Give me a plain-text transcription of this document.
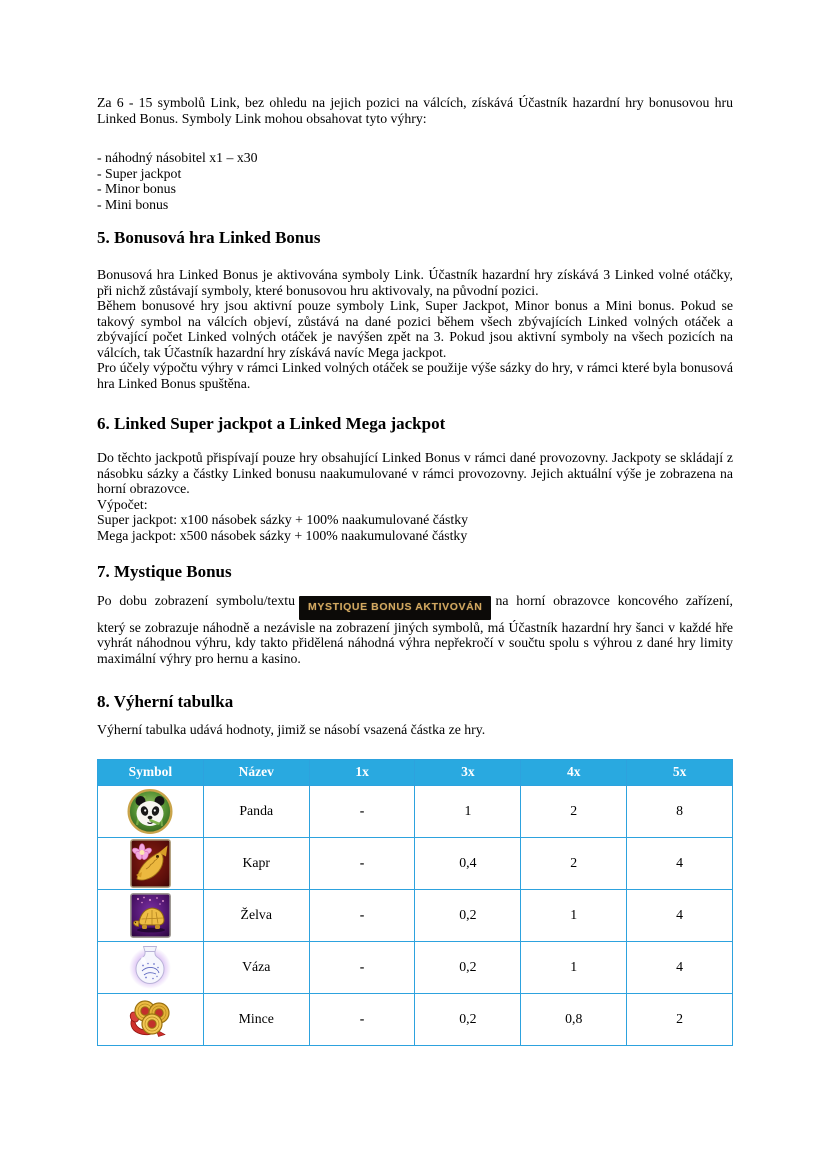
Za 6 - 15 symbolů Link, bez ohledu na jejich pozici na válcích, získává Účastník hazardní hry bonusovou hru Linked Bonus. Symboly Link mohou obsahovat tyto výhry:

- náhodný násobitel x1 – x30

- Super jackpot

- Minor bonus

- Mini bonus

5. Bonusová hra Linked Bonus

Bonusová hra Linked Bonus je aktivována symboly Link. Účastník hazardní hry získává 3 Linked volné otáčky, při nichž zůstávají symboly, které bonusovou hru aktivovaly, na původní pozici.

Během bonusové hry jsou aktivní pouze symboly Link, Super Jackpot, Minor bonus a Mini bonus. Pokud se takový symbol na válcích objeví, zůstává na dané pozici během všech zbývajících Linked volných otáček a zbývající počet Linked volných otáček je navýšen zpět na 3. Pokud jsou aktivní symboly na všech pozicích na válcích, tak Účastník hazardní hry získává navíc Mega jackpot.

Pro účely výpočtu výhry v rámci Linked volných otáček se použije výše sázky do hry, v rámci které byla bonusová hra Linked Bonus spuštěna.

6. Linked Super jackpot a Linked Mega jackpot

Do těchto jackpotů přispívají pouze hry obsahující Linked Bonus v rámci dané provozovny. Jackpoty se skládají z násobku sázky a částky Linked bonusu naakumulované v rámci provozovny. Jejich aktuální výše je zobrazena na horní obrazovce.

Výpočet:

Super jackpot: x100 násobek sázky + 100% naakumulované částky

Mega jackpot: x500 násobek sázky + 100% naakumulované částky

7. Mystique Bonus

Po dobu zobrazení symbolu/textu MYSTIQUE BONUS AKTIVOVÁN na horní obrazovce koncového zařízení, který se zobrazuje náhodně a nezávisle na zobrazení jiných symbolů, má Účastník hazardní hry šanci v každé hře vyhrát náhodnou výhru, kdy takto přidělená náhodná výhra nepřekročí v součtu spolu s výhrou z dané hry limity maximální výhry pro hernu a kasino.

8. Výherní tabulka

Výherní tabulka udává hodnoty, jimiž se násobí vsazená částka ze hry.

Symbol	Název	1x	3x	4x	5x

	Panda	-	1	2	8

	Kapr	-	0,4	2	4

	Želva	-	0,2	1	4

	Váza	-	0,2	1	4

	Mince	-	0,2	0,8	2
